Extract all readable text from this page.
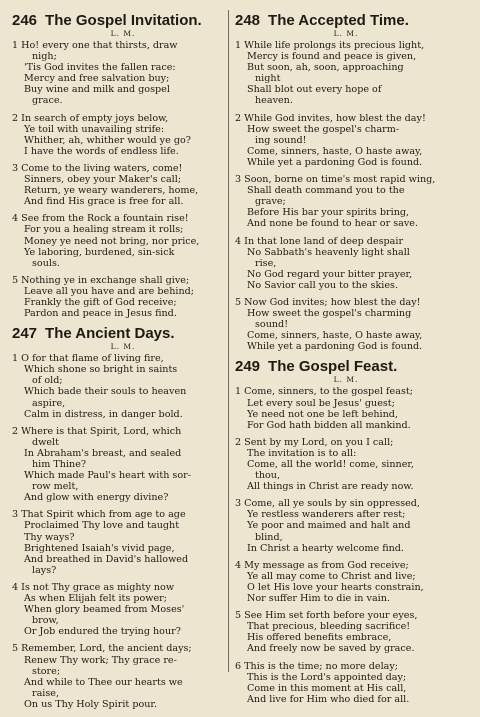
246 The Gospel Invitation.
L. M.
1 Ho! every one that thirsts, draw
nigh;
'Tis God invites the fallen race:
Mercy and free salvation buy;
Buy wine and milk and gospel
grace.
2 In search of empty joys below,
Ye toil with unavailing strife:
Whither, ah, whither would ye go?
I have the words of endless life.
3 Come to the living waters, come!
Sinners, obey your Maker's call;
Return, ye weary wanderers, home,
And find His grace is free for all.
4 See from the Rock a fountain rise!
For you a healing stream it rolls;
Money ye need not bring, nor price,
Ye laboring, burdened, sin-sick
souls.
5 Nothing ye in exchange shall give;
Leave all you have and are behind;
Frankly the gift of God receive;
Pardon and peace in Jesus find.
247 The Ancient Days.
L. M.
1 O for that flame of living fire,
Which shone so bright in saints
of old;
Which bade their souls to heaven
aspire,
Calm in distress, in danger bold.
2 Where is that Spirit, Lord, which
dwelt
In Abraham's breast, and sealed
him Thine?
Which made Paul's heart with sor-
row melt,
And glow with energy divine?
3 That Spirit which from age to age
Proclaimed Thy love and taught
Thy ways?
Brightened Isaiah's vivid page,
And breathed in David's hallowed
lays?
4 Is not Thy grace as mighty now
As when Elijah felt its power;
When glory beamed from Moses'
brow,
Or Job endured the trying hour?
5 Remember, Lord, the ancient days;
Renew Thy work; Thy grace re-
store;
And while to Thee our hearts we
raise,
On us Thy Holy Spirit pour.
248 The Accepted Time.
L. M.
1 While life prolongs its precious light,
Mercy is found and peace is given,
But soon, ah, soon, approaching
night
Shall blot out every hope of
heaven.
2 While God invites, how blest the day!
How sweet the gospel's charm-
ing sound!
Come, sinners, haste, O haste away,
While yet a pardoning God is found.
3 Soon, borne on time's most rapid wing,
Shall death command you to the
grave;
Before His bar your spirits bring,
And none be found to hear or save.
4 In that lone land of deep despair
No Sabbath's heavenly light shall
rise,
No God regard your bitter prayer,
No Savior call you to the skies.
5 Now God invites; how blest the day!
How sweet the gospel's charming
sound!
Come, sinners, haste, O haste away,
While yet a pardoning God is found.
249 The Gospel Feast.
L. M.
1 Come, sinners, to the gospel feast;
Let every soul be Jesus' guest;
Ye need not one be left behind,
For God hath bidden all mankind.
2 Sent by my Lord, on you I call;
The invitation is to all:
Come, all the world! come, sinner,
thou,
All things in Christ are ready now.
3 Come, all ye souls by sin oppressed,
Ye restless wanderers after rest;
Ye poor and maimed and halt and
blind,
In Christ a hearty welcome find.
4 My message as from God receive;
Ye all may come to Christ and live;
O let His love your hearts constrain,
Nor suffer Him to die in vain.
5 See Him set forth before your eyes,
That precious, bleeding sacrifice!
His offered benefits embrace,
And freely now be saved by grace.
6 This is the time; no more delay;
This is the Lord's appointed day;
Come in this moment at His call,
And live for Him who died for all.
